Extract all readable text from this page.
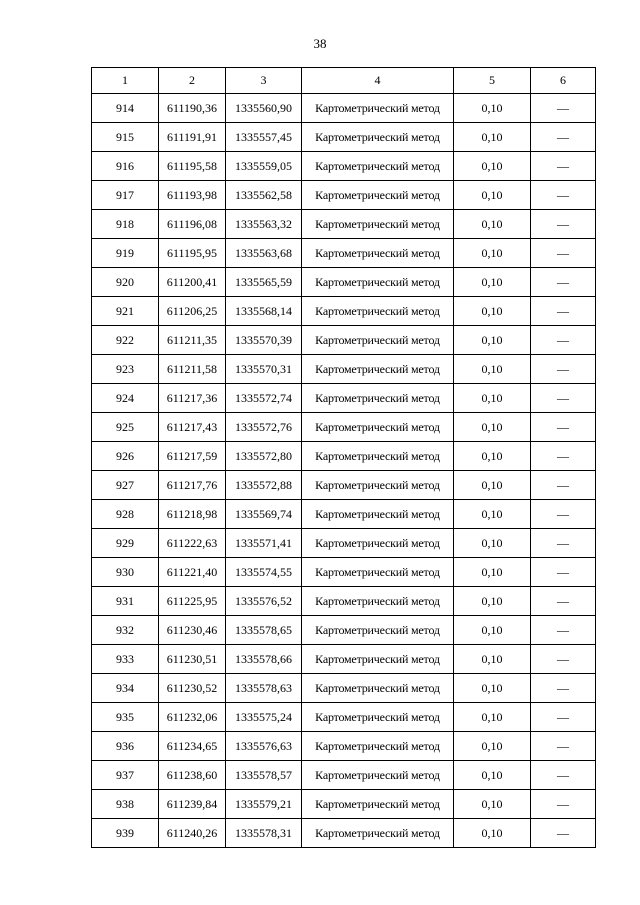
38
1	2	3	4	5	6
914	611190,36	1335560,90	Картометрический метод	0,10	—
915	611191,91	1335557,45	Картометрический метод	0,10	—
916	611195,58	1335559,05	Картометрический метод	0,10	—
917	611193,98	1335562,58	Картометрический метод	0,10	—
918	611196,08	1335563,32	Картометрический метод	0,10	—
919	611195,95	1335563,68	Картометрический метод	0,10	—
920	611200,41	1335565,59	Картометрический метод	0,10	—
921	611206,25	1335568,14	Картометрический метод	0,10	—
922	611211,35	1335570,39	Картометрический метод	0,10	—
923	611211,58	1335570,31	Картометрический метод	0,10	—
924	611217,36	1335572,74	Картометрический метод	0,10	—
925	611217,43	1335572,76	Картометрический метод	0,10	—
926	611217,59	1335572,80	Картометрический метод	0,10	—
927	611217,76	1335572,88	Картометрический метод	0,10	—
928	611218,98	1335569,74	Картометрический метод	0,10	—
929	611222,63	1335571,41	Картометрический метод	0,10	—
930	611221,40	1335574,55	Картометрический метод	0,10	—
931	611225,95	1335576,52	Картометрический метод	0,10	—
932	611230,46	1335578,65	Картометрический метод	0,10	—
933	611230,51	1335578,66	Картометрический метод	0,10	—
934	611230,52	1335578,63	Картометрический метод	0,10	—
935	611232,06	1335575,24	Картометрический метод	0,10	—
936	611234,65	1335576,63	Картометрический метод	0,10	—
937	611238,60	1335578,57	Картометрический метод	0,10	—
938	611239,84	1335579,21	Картометрический метод	0,10	—
939	611240,26	1335578,31	Картометрический метод	0,10	—
